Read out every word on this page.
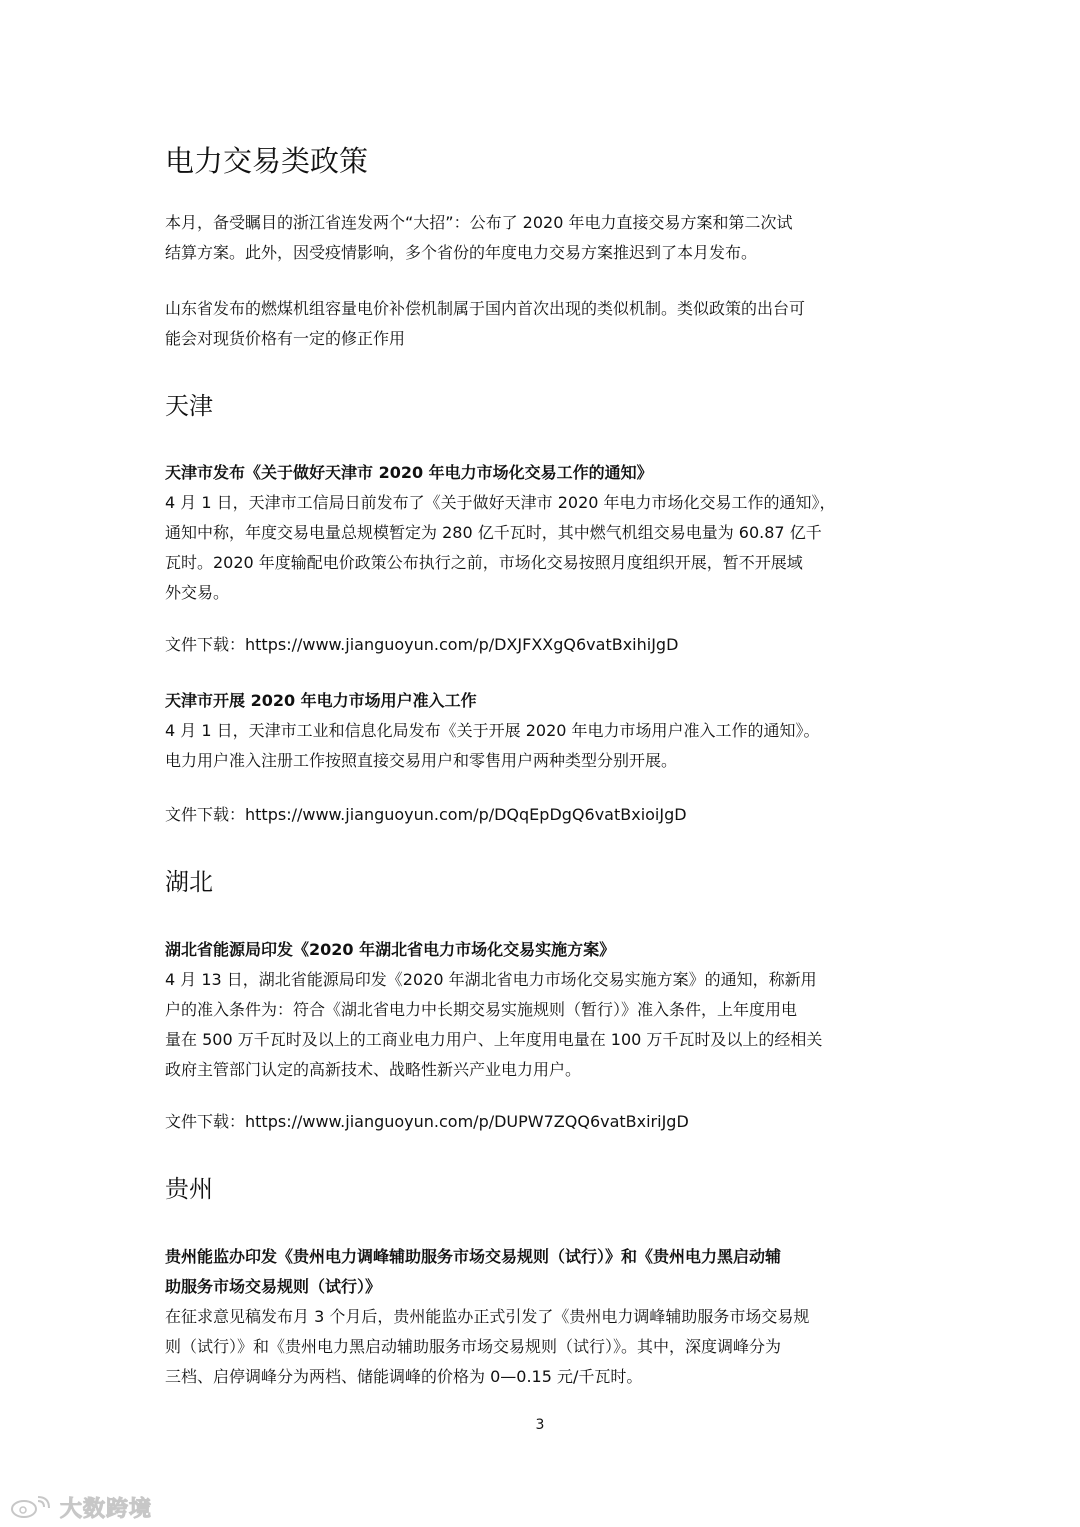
电力交易类政策
本月，备受瞩目的浙江省连发两个“大招”：公布了 2020 年电力直接交易方案和第二次试
结算方案。此外，因受疫情影响，多个省份的年度电力交易方案推迟到了本月发布。
山东省发布的燃煤机组容量电价补偿机制属于国内首次出现的类似机制。类似政策的出台可
能会对现货价格有一定的修正作用
天津
天津市发布《关于做好天津市 2020 年电力市场化交易工作的通知》
4 月 1 日，天津市工信局日前发布了《关于做好天津市 2020 年电力市场化交易工作的通知》，
通知中称，年度交易电量总规模暂定为 280 亿千瓦时，其中燃气机组交易电量为 60.87 亿千
瓦时。2020 年度输配电价政策公布执行之前，市场化交易按照月度组织开展，暂不开展域
外交易。
文件下载：https://www.jianguoyun.com/p/DXJFXXgQ6vatBxihiJgD
天津市开展 2020 年电力市场用户准入工作
4 月 1 日，天津市工业和信息化局发布《关于开展 2020 年电力市场用户准入工作的通知》。
电力用户准入注册工作按照直接交易用户和零售用户两种类型分别开展。
文件下载：https://www.jianguoyun.com/p/DQqEpDgQ6vatBxioiJgD
湖北
湖北省能源局印发《2020 年湖北省电力市场化交易实施方案》
4 月 13 日，湖北省能源局印发《2020 年湖北省电力市场化交易实施方案》的通知，称新用
户的准入条件为：符合《湖北省电力中长期交易实施规则（暂行）》准入条件，上年度用电
量在 500 万千瓦时及以上的工商业电力用户、上年度用电量在 100 万千瓦时及以上的经相关
政府主管部门认定的高新技术、战略性新兴产业电力用户。
文件下载：https://www.jianguoyun.com/p/DUPW7ZQQ6vatBxiriJgD
贵州
贵州能监办印发《贵州电力调峰辅助服务市场交易规则（试行）》和《贵州电力黑启动辅
助服务市场交易规则（试行）》
在征求意见稿发布月 3 个月后，贵州能监办正式引发了《贵州电力调峰辅助服务市场交易规
则（试行）》和《贵州电力黑启动辅助服务市场交易规则（试行）》。其中，深度调峰分为
三档、启停调峰分为两档、储能调峰的价格为 0—0.15 元/千瓦时。
3
大数跨境
